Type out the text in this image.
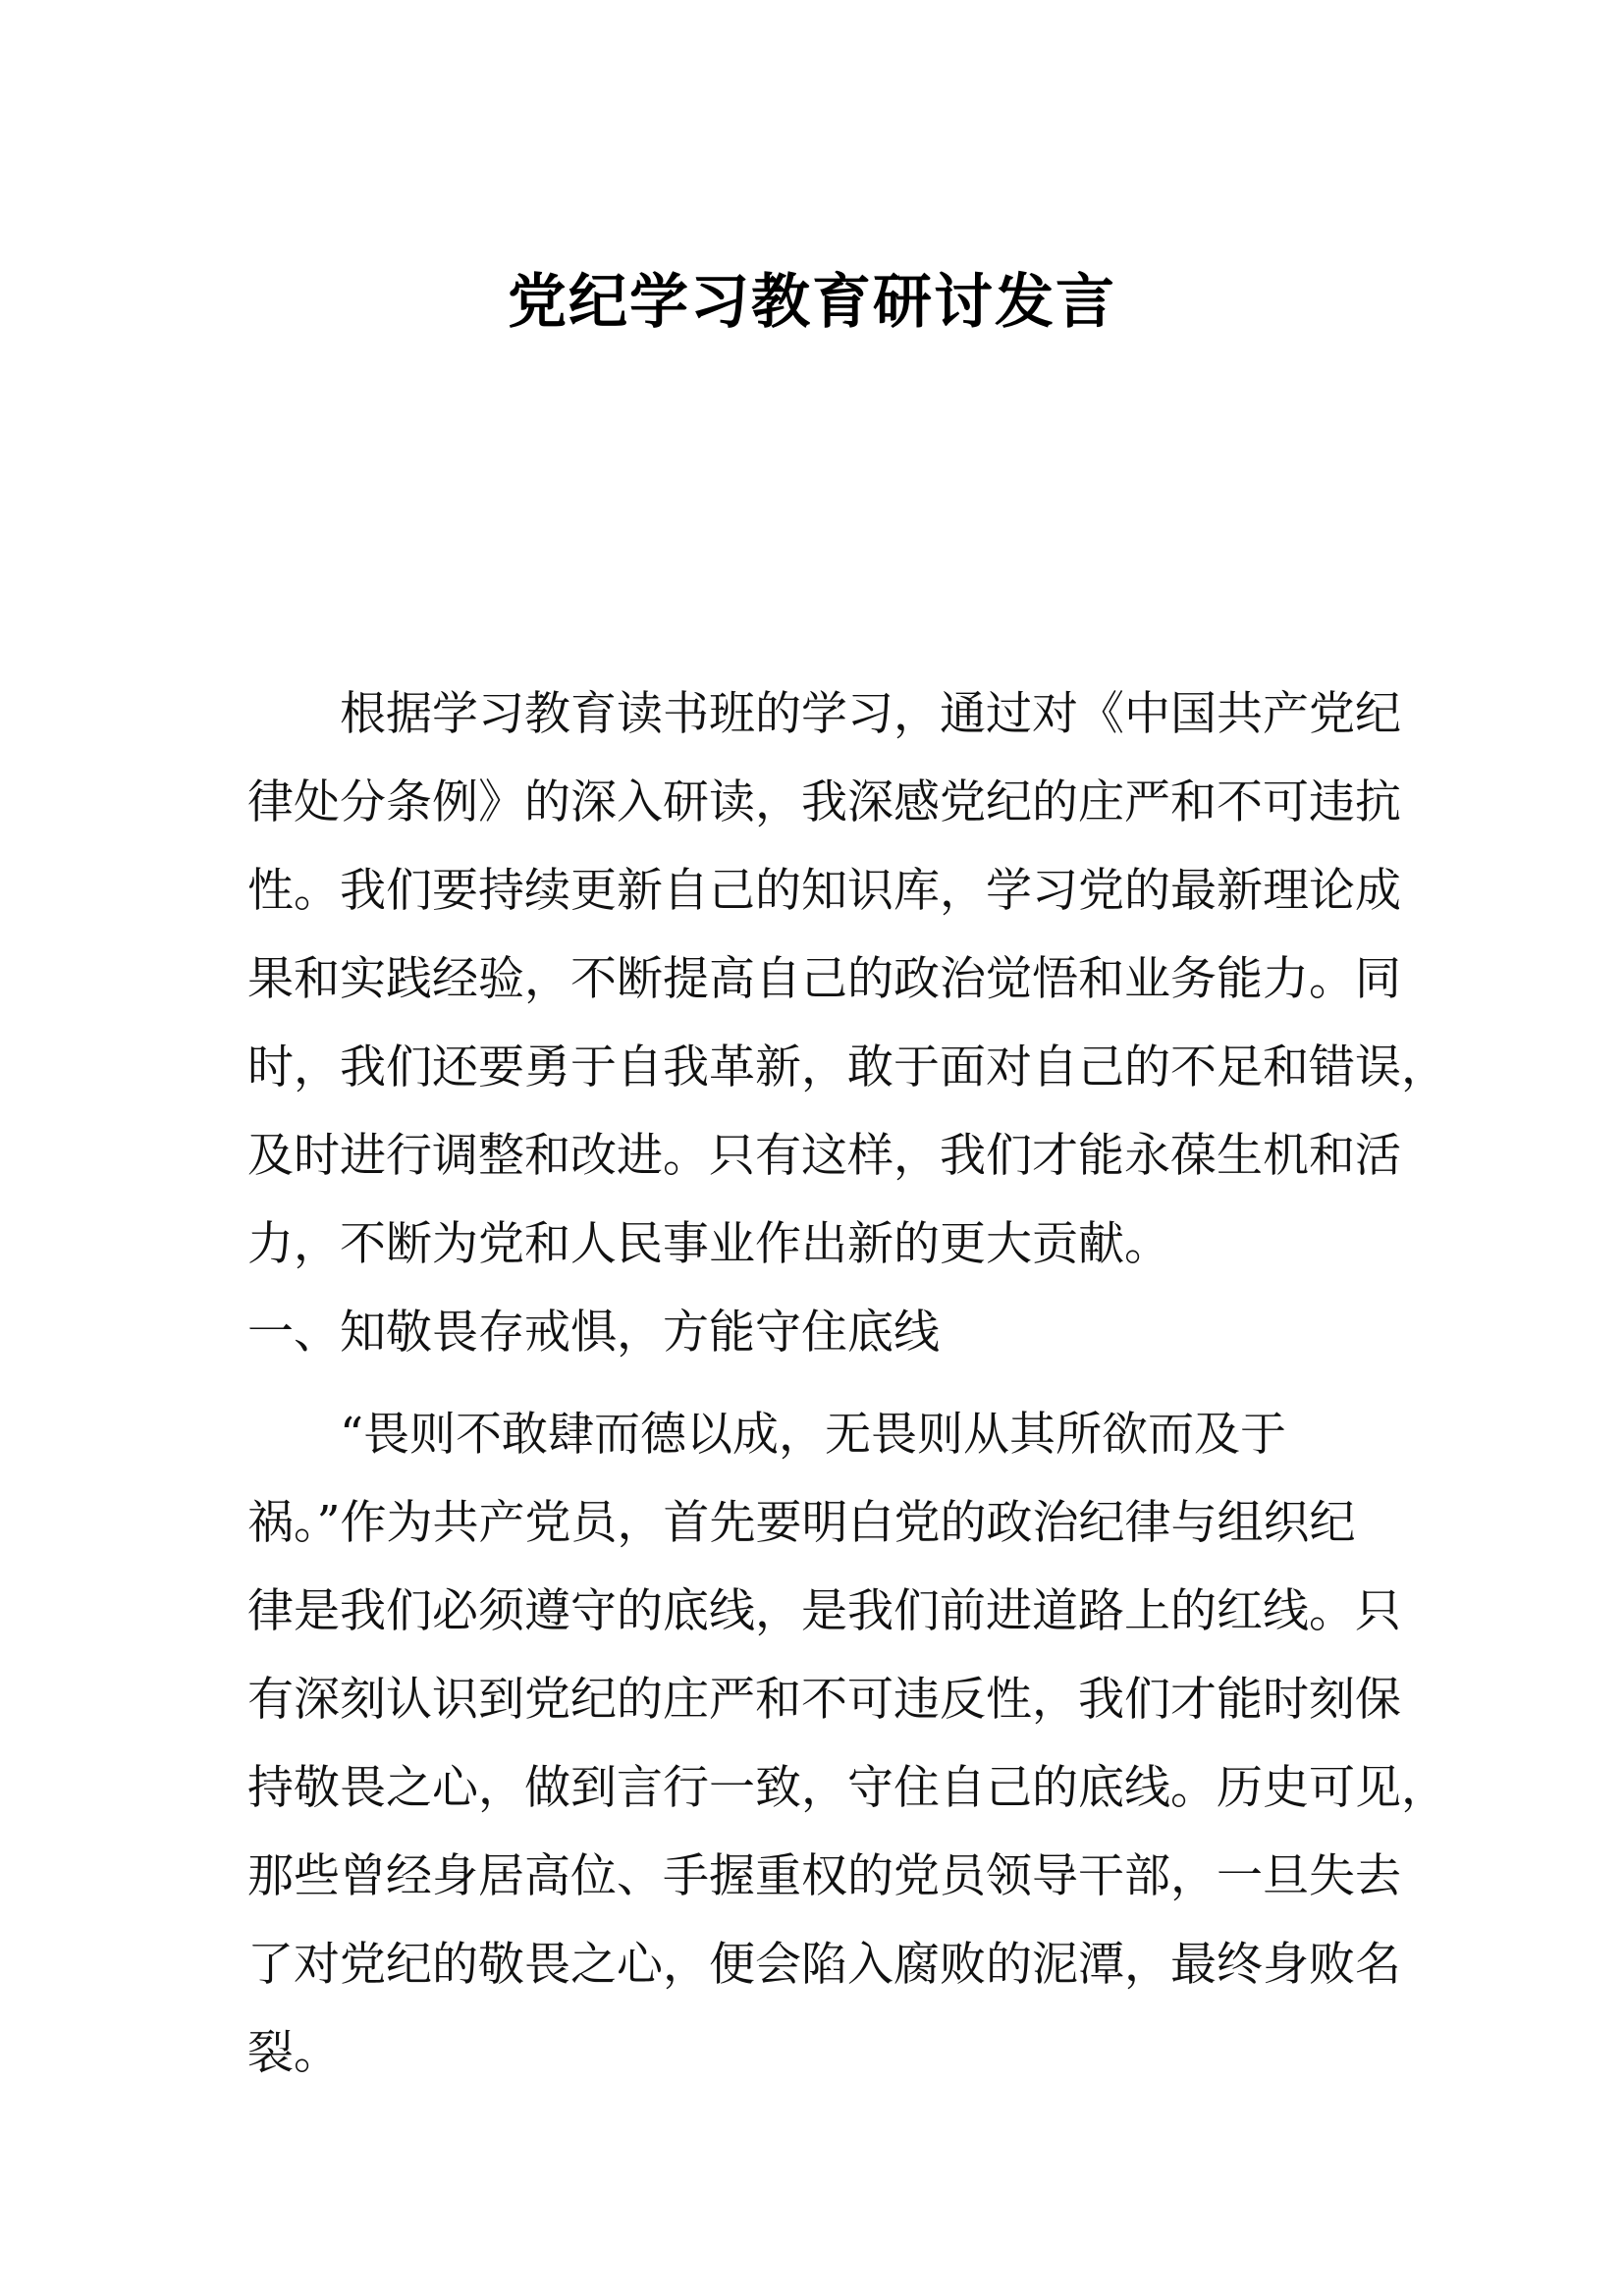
党纪学习教育研讨发言
　　根据学习教育读书班的学习，通过对《中国共产党纪
律处分条例》的深入研读，我深感党纪的庄严和不可违抗
性。我们要持续更新自己的知识库，学习党的最新理论成
果和实践经验，不断提高自己的政治觉悟和业务能力。同
时，我们还要勇于自我革新，敢于面对自己的不足和错误，
及时进行调整和改进。只有这样，我们才能永葆生机和活
力，不断为党和人民事业作出新的更大贡献。
一、知敬畏存戒惧，方能守住底线
　　“畏则不敢肆而德以成，无畏则从其所欲而及于
祸。”作为共产党员，首先要明白党的政治纪律与组织纪
律是我们必须遵守的底线，是我们前进道路上的红线。只
有深刻认识到党纪的庄严和不可违反性，我们才能时刻保
持敬畏之心，做到言行一致，守住自己的底线。历史可见，
那些曾经身居高位、手握重权的党员领导干部，一旦失去
了对党纪的敬畏之心，便会陷入腐败的泥潭，最终身败名
裂。
